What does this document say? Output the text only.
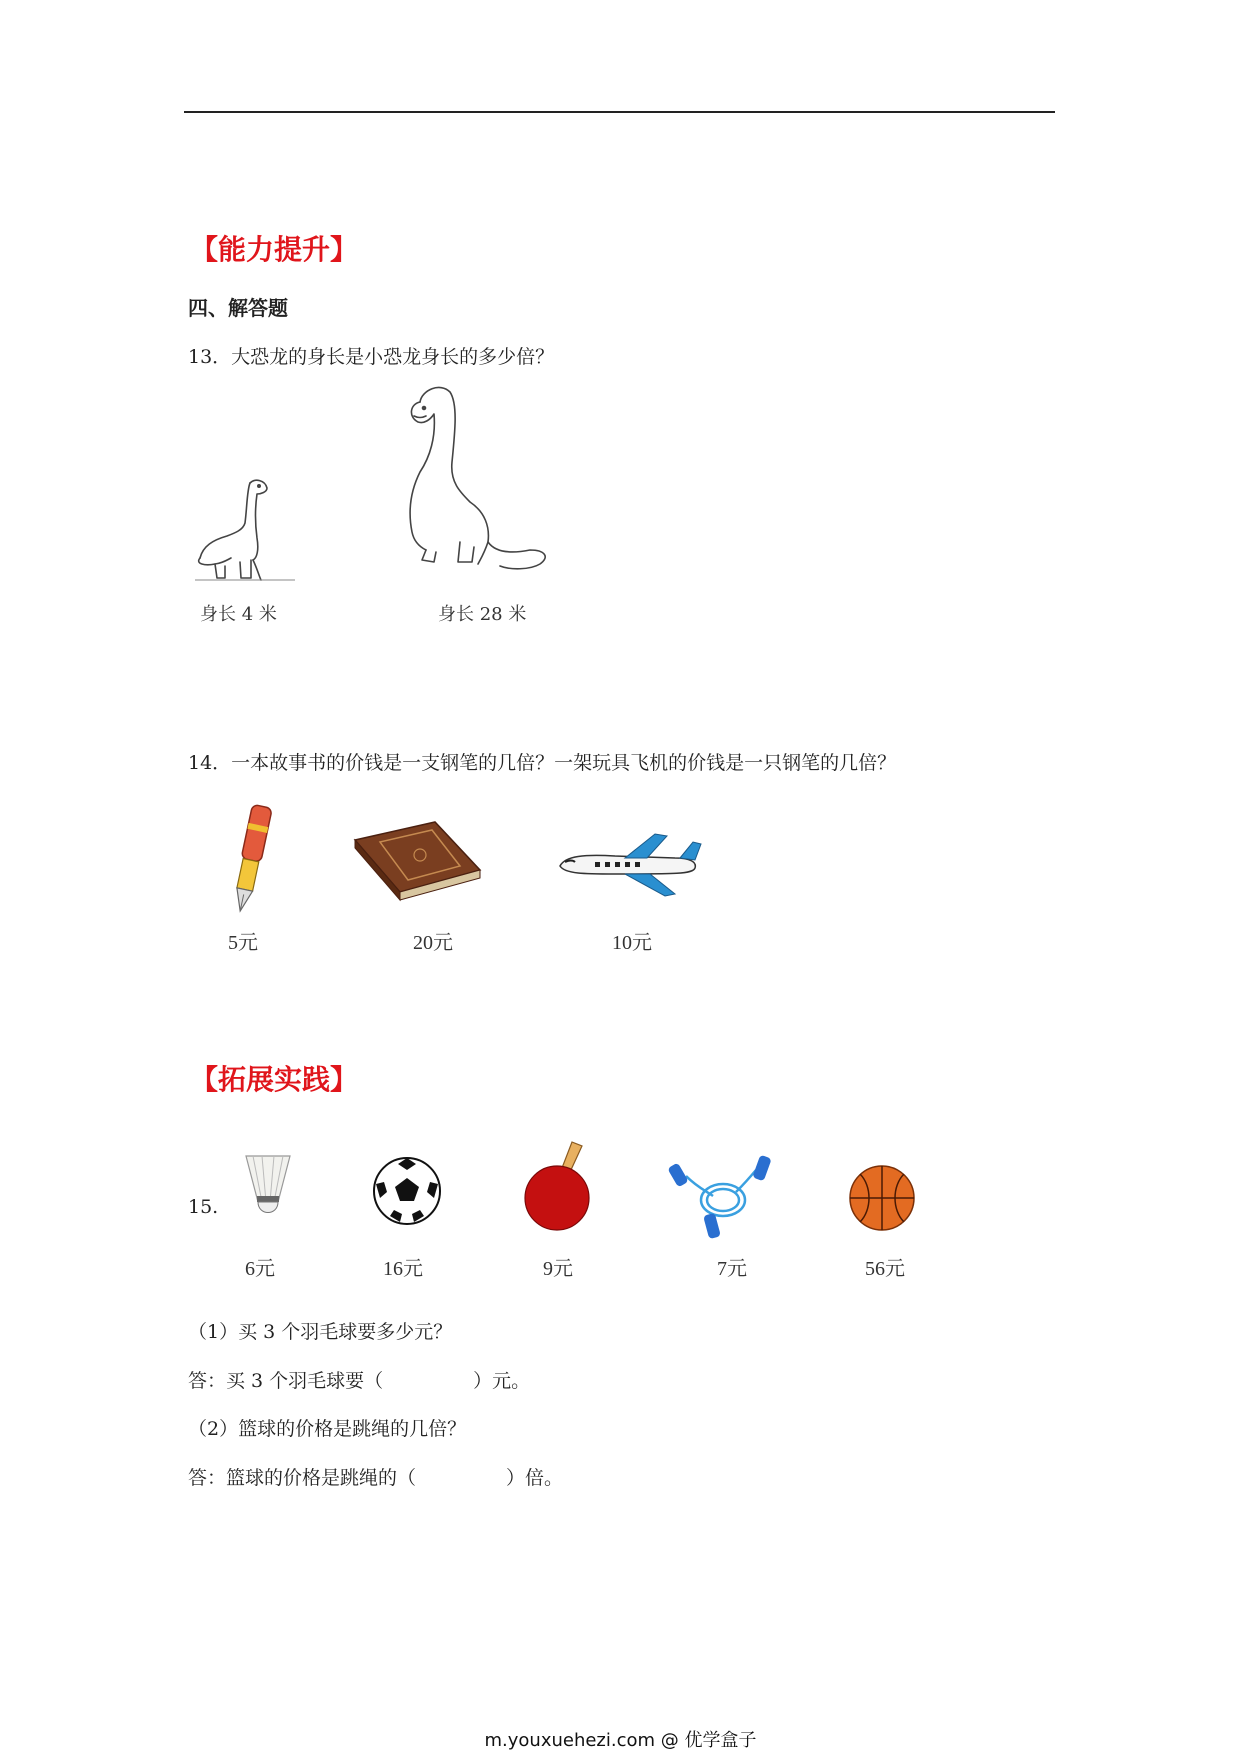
【能力提升】
四、解答题
13．大恐龙的身长是小恐龙身长的多少倍？
身长 4 米	身长 28 米
14．一本故事书的价钱是一支钢笔的几倍？一架玩具飞机的价钱是一只钢笔的几倍？
5元	20元	10元
【拓展实践】
15.
6元	16元	9元	7元	56元
（1）买 3 个羽毛球要多少元？
答：买 3 个羽毛球要（	）元。
（2）篮球的价格是跳绳的几倍？
答：篮球的价格是跳绳的（	）倍。
m.youxuehezi.com @ 优学盒子
